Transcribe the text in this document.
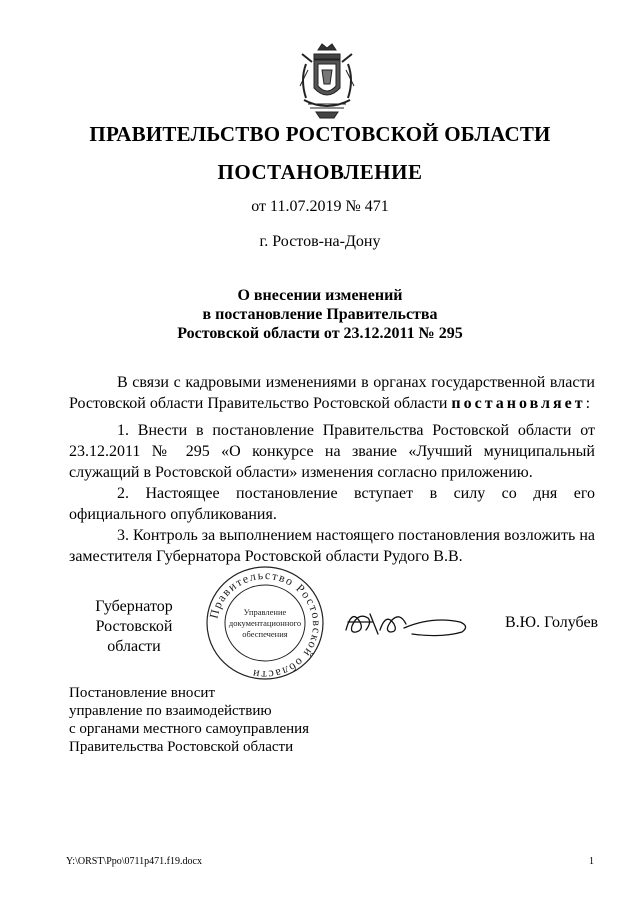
ПРАВИТЕЛЬСТВО РОСТОВСКОЙ ОБЛАСТИ
ПОСТАНОВЛЕНИЕ
от 11.07.2019 № 471
г. Ростов-на-Дону
О внесении изменений
в постановление Правительства
Ростовской области от 23.12.2011 № 295
В связи с кадровыми изменениями в органах государственной власти Ростовской области Правительство Ростовской области постановляет:

1. Внести в постановление Правительства Ростовской области от 23.12.2011 № 295 «О конкурсе на звание «Лучший муниципальный служащий в Ростовской области» изменения согласно приложению.

2. Настоящее постановление вступает в силу со дня его официального опубликования.

3. Контроль за выполнением настоящего постановления возложить на заместителя Губернатора Ростовской области Рудого В.В.

Губернатор
Ростовской области
Правительство Ростовской области
Управление
документационного
обеспечения
В.Ю. Голубев
Постановление вносит
управление по взаимодействию
с органами местного самоуправления
Правительства Ростовской области
Y:\ORST\Ppo\0711p471.f19.docx	1
